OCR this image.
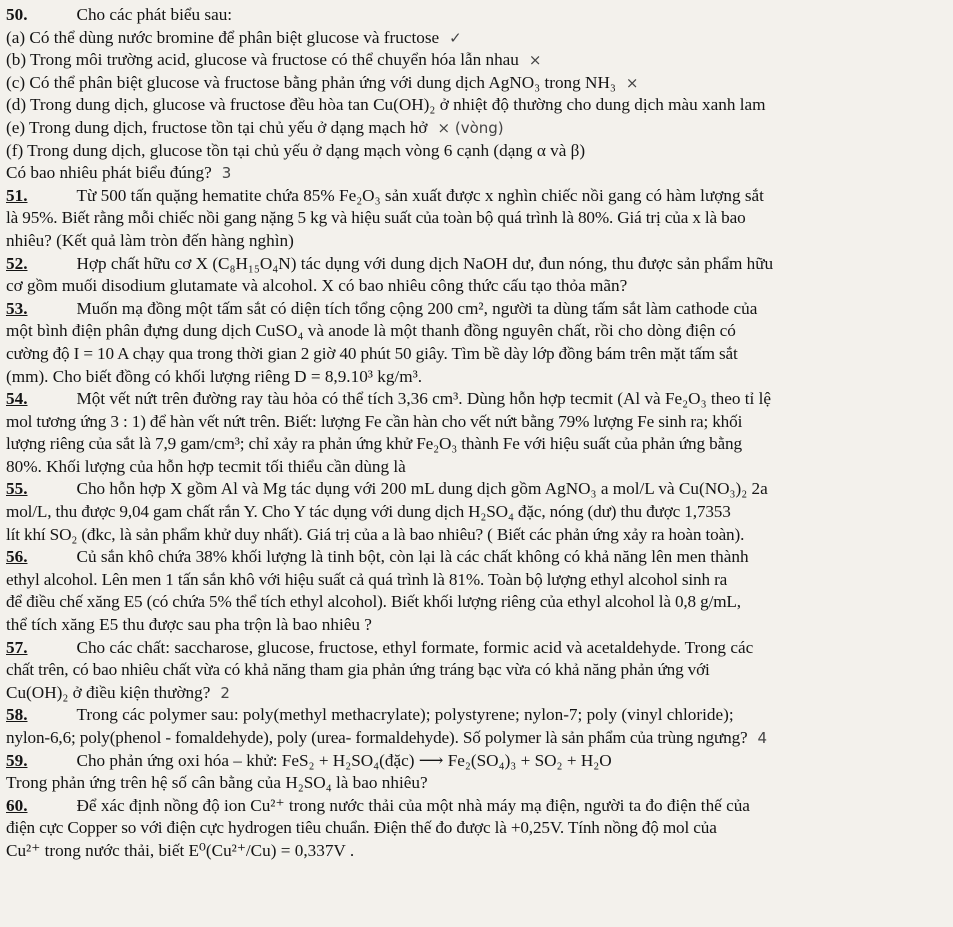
50.	Cho các phát biểu sau:
(a) Có thể dùng nước bromine để phân biệt glucose và fructose ✓
(b) Trong môi trường acid, glucose và fructose có thể chuyển hóa lẫn nhau ×
(c) Có thể phân biệt glucose và fructose bằng phản ứng với dung dịch AgNO₃ trong NH₃ ×
(d) Trong dung dịch, glucose và fructose đều hòa tan Cu(OH)₂ ở nhiệt độ thường cho dung dịch màu xanh lam
(e) Trong dung dịch, fructose tồn tại chủ yếu ở dạng mạch hở × (vòng)
(f) Trong dung dịch, glucose tồn tại chủ yếu ở dạng mạch vòng 6 cạnh (dạng α và β)
Có bao nhiêu phát biểu đúng? 3
51.	Từ 500 tấn quặng hematite chứa 85% Fe₂O₃ sản xuất được x nghìn chiếc nồi gang có hàm lượng sắt
là 95%. Biết rằng mỗi chiếc nồi gang nặng 5 kg và hiệu suất của toàn bộ quá trình là 80%. Giá trị của x là bao
nhiêu? (Kết quả làm tròn đến hàng nghìn)
52.	Hợp chất hữu cơ X (C₈H₁₅O₄N) tác dụng với dung dịch NaOH dư, đun nóng, thu được sản phẩm hữu
cơ gồm muối disodium glutamate và alcohol. X có bao nhiêu công thức cấu tạo thỏa mãn?
53.	Muốn mạ đồng một tấm sắt có diện tích tổng cộng 200 cm², người ta dùng tấm sắt làm cathode của
một bình điện phân đựng dung dịch CuSO₄ và anode là một thanh đồng nguyên chất, rồi cho dòng điện có
cường độ I = 10 A chạy qua trong thời gian 2 giờ 40 phút 50 giây. Tìm bề dày lớp đồng bám trên mặt tấm sắt
(mm). Cho biết đồng có khối lượng riêng D = 8,9.10³ kg/m³.
54.	Một vết nứt trên đường ray tàu hỏa có thể tích 3,36 cm³. Dùng hỗn hợp tecmit (Al và Fe₂O₃ theo tỉ lệ
mol tương ứng 3 : 1) để hàn vết nứt trên. Biết: lượng Fe cần hàn cho vết nứt bằng 79% lượng Fe sinh ra; khối
lượng riêng của sắt là 7,9 gam/cm³; chỉ xảy ra phản ứng khử Fe₂O₃ thành Fe với hiệu suất của phản ứng bằng
80%. Khối lượng của hỗn hợp tecmit tối thiểu cần dùng là
55.	Cho hỗn hợp X gồm Al và Mg tác dụng với 200 mL dung dịch gồm AgNO₃ a mol/L và Cu(NO₃)₂ 2a
mol/L, thu được 9,04 gam chất rắn Y. Cho Y tác dụng với dung dịch H₂SO₄ đặc, nóng (dư) thu được 1,7353
lít khí SO₂ (đkc, là sản phẩm khử duy nhất). Giá trị của a là bao nhiêu? ( Biết các phản ứng xảy ra hoàn toàn).
56.	Củ sắn khô chứa 38% khối lượng là tinh bột, còn lại là các chất không có khả năng lên men thành
ethyl alcohol. Lên men 1 tấn sắn khô với hiệu suất cả quá trình là 81%. Toàn bộ lượng ethyl alcohol sinh ra
để điều chế xăng E5 (có chứa 5% thể tích ethyl alcohol). Biết khối lượng riêng của ethyl alcohol là 0,8 g/mL,
thể tích xăng E5 thu được sau pha trộn là bao nhiêu ?
57.	Cho các chất: saccharose, glucose, fructose, ethyl formate, formic acid và acetaldehyde. Trong các
chất trên, có bao nhiêu chất vừa có khả năng tham gia phản ứng tráng bạc vừa có khả năng phản ứng với
Cu(OH)₂ ở điều kiện thường? 2
58.	Trong các polymer sau: poly(methyl methacrylate); polystyrene; nylon-7; poly (vinyl chloride);
nylon-6,6; poly(phenol - fomaldehyde), poly (urea- formaldehyde). Số polymer là sản phẩm của trùng ngưng? 4
59.	Cho phản ứng oxi hóa – khử: FeS₂ + H₂SO₄(đặc) ⟶ Fe₂(SO₄)₃ + SO₂ + H₂O
Trong phản ứng trên hệ số cân bằng của H₂SO₄ là bao nhiêu?
60.	Để xác định nồng độ ion Cu²⁺ trong nước thải của một nhà máy mạ điện, người ta đo điện thế của
điện cực Copper so với điện cực hydrogen tiêu chuẩn. Điện thế đo được là +0,25V. Tính nồng độ mol của
Cu²⁺ trong nước thải, biết E⁰(Cu²⁺/Cu) = 0,337V .
